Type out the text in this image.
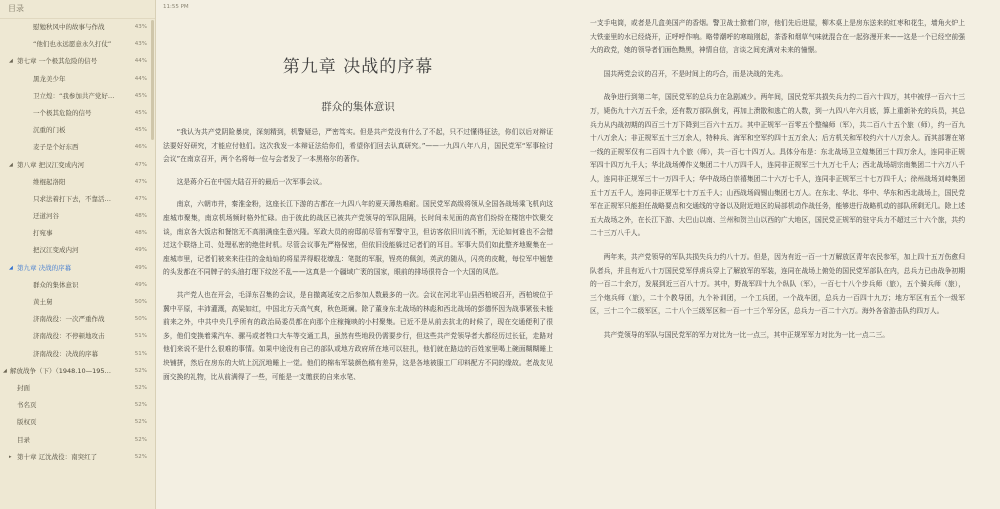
目录
慰勉秋风中的故事与作战	43%
“他们也永远愿意永久打仗”	43%
◢ 第七章 一个极其危险的信号	44%
黑龙美少年	44%
卫立煌：“我参加共产党好…	45%
一个极其危险的信号	45%
沉重的门板	45%
麦子是个好东西	46%
◢ 第八章 把汉江变成内河	47%
维棍起洛阳	47%
只求法着打下去，不靠活…	47%
迂道河谷	48%
打宛事	48%
把汉江变成内河	49%
◢ 第九章 决战的序幕	49%
群众的集体意识	49%
黄土舅	50%
济南战役：一次严重作战	50%
济南战役：不停顿地攻击	51%
济南战役：决战的序幕	51%
◢ 解放战争（下）（1948.10—195…	52%
封面	52%
书名页	52%
版权页	52%
目录	52%
▸ 第十章 辽沈战役：南突红了	52%
11:55 PM
第九章 决战的序幕
群众的集体意识

“我认为共产党阴险暴戾，深刻精到，机警疑忌，严密笃实。但是共产党没有什么了不起，只不过懂得征法，你们以后对辩证法要好好研究，才能应付他们。这次我发一本辩证法给你们，希望你们回去认真研究。”——一九四八年八月，国民党军“军事检讨会议”在南京召开，两个名将每一位与会者发了一本黑格尔的著作。

这是蒋介石在中国大陆召开的最后一次军事会议。

南京，六朝市井，秦淮金粉，这座长江下游的古都在一九四八年的夏天薄热难耐。国民党军高级将领从全国各战场乘飞机向这座城市聚集，南京机场频时格外忙碌。由于彼此的战区已被共产党领导的军队阻隔，长时间未见面的高官们纷纷在楼馆中饮聚交谈，南京各大饭店和餐馆无不高朋满座生意兴隆。军政大员的府邸前尽管有军警守卫，但访客依旧川流不断，无论如何谁也不会错过这个联络上司、处理私密的绝佳时机。尽管会议事先严格保密，但依旧没能躲过记者们的耳目。军事大员们如此整齐地聚集在一座城市里，记者们被来来往往的金灿灿的将星弄得眼花缭乱：笔挺的军服，锃亮的佩剑，英武的随从，闪亮的皮靴，每位军中翘楚的头发都在不同牌子的头油打理下纹丝不乱——这真是一个疆域广袤的国家，眼前的排场很符合一个大国的风范。

共产党人也在开会，毛泽东召集的会议，是自撤离延安之后参加人数最多的一次。会议在河北平山县西柏坡召开，西柏坡位于冀中平原，丰沛灌溉，高粱如红，中国北方天高气爽，秋色斑斓。除了董身东北战场的林彪和西北战场的彭德怀因为战事紧张未能前来之外，中共中央几乎所有的政治局委员都在向那个庄稼掩映的小村聚集。已近不是从前去抗北的时候了，现在交通便利了很多，他们变换着乘汽车、骡马或者牲口大车等交通工具，虽然有些地段仍需要步行，但这些共产党领导者大都经历过长征，走路对他们来说不是什么很难的事情。如果中途没有自己的部队或地方政府所在地可以驻扎，他们就在路边的百姓家里喝上碗面糊糊睡上块铺拼，然后在房东的大炕上沉沉地睡上一觉。他们的棉布军装颜色稿有差异，这是各地被服工厂印料配方不同的缘故。老战友见面交换的礼物，比从前满得了一些，可能是一支缴获的自来水笔、

一支手电筒，或者是几盒美国产的香烟。警卫战士掀着门帘，他们先后进屋，柳木桌上是房东送来的红枣和花生，墙角火炉上大铁壶里的水已经烧开，正呼呼作响。略带潮呼的寒暄刚起，茶香和烟草气味就混合在一起弥漫开来——这是一个已经空前强大的政党，她的领导者们面色黝黑，神情自信，言谈之间充满对未来的憧憬。

国共两党会议的召开，不是时间上的巧合，而是决战的先兆。

战争进行到第二年，国民党军的总兵力在急剧减少。两年间，国民党军共损失兵力约二百六十四万，其中被俘一百六十三万，毙伤九十六万五千余，还有数万部队倒戈，再加上溃散和逃亡的人数，到一九四八年六月底，算上重新补充的兵员，其总兵力从内战初期的四百三十万下降到三百六十五万。其中正规军一百零五个整编师（军），共二百八十五个旅（师），约一百九十八万余人；非正规军五十三万余人，特种兵、海军和空军约四十五万余人；后方机关和军校约六十八万余人。而其部署在第一线的正规军仅有二百四十九个旅（师），共一百七十四万人。具体分布是：东北战场卫立煌集团三十四万余人，连同非正规军四十四万九千人；华北战场傅作义集团二十八万四千人，连同非正规军三十九万七千人；西北战场胡宗南集团二十六万八千人，连同非正规军三十一万四千人；华中战场白崇禧集团二十六万七千人，连同非正规军三十七万四千人；徐州战场刘峙集团五十万五千人，连同非正规军七十万五千人；山西战场阎锡山集团七万人。在东北、华北、华中、华东和西北战场上，国民党军在正规军只能担任战略要点和交通线的守备以及附近地区的局部机动作战任务，能够进行战略机动的部队所剩无几。除上述五大战场之外，在长江下游、大巴山以南、兰州和贺兰山以西的广大地区，国民党正规军的驻守兵力不超过三十六个旅，共约二十三万八千人。

两年来，共产党领导的军队共损失兵力约八十万。但是，因为有近一百一十万解放区青年农民参军，加上四十五万伤愈归队者兵，并且有近八十万国民党军俘虏兵穿上了解放军的军装，连同在战场上俯处的国民党军部队在内，总兵力已由战争初期的一百二十余万，发展到近三百八十万。其中，野战军四十九个纵队（军），一百七十八个步兵师（旅），五个骑兵师（旅），三个炮兵师（旅），二十个教导团，九个补训团，一个工兵团，一个战车团，总兵力一百四十九万；地方军区有五个一级军区，三十二个二级军区，二十八个三级军区和一百一十三个军分区，总兵力一百二十六万。海外各省游击队约四万人。

共产党领导的军队与国民党军的军力对比为一比一点三，其中正规军军力对比为一比一点二三。
